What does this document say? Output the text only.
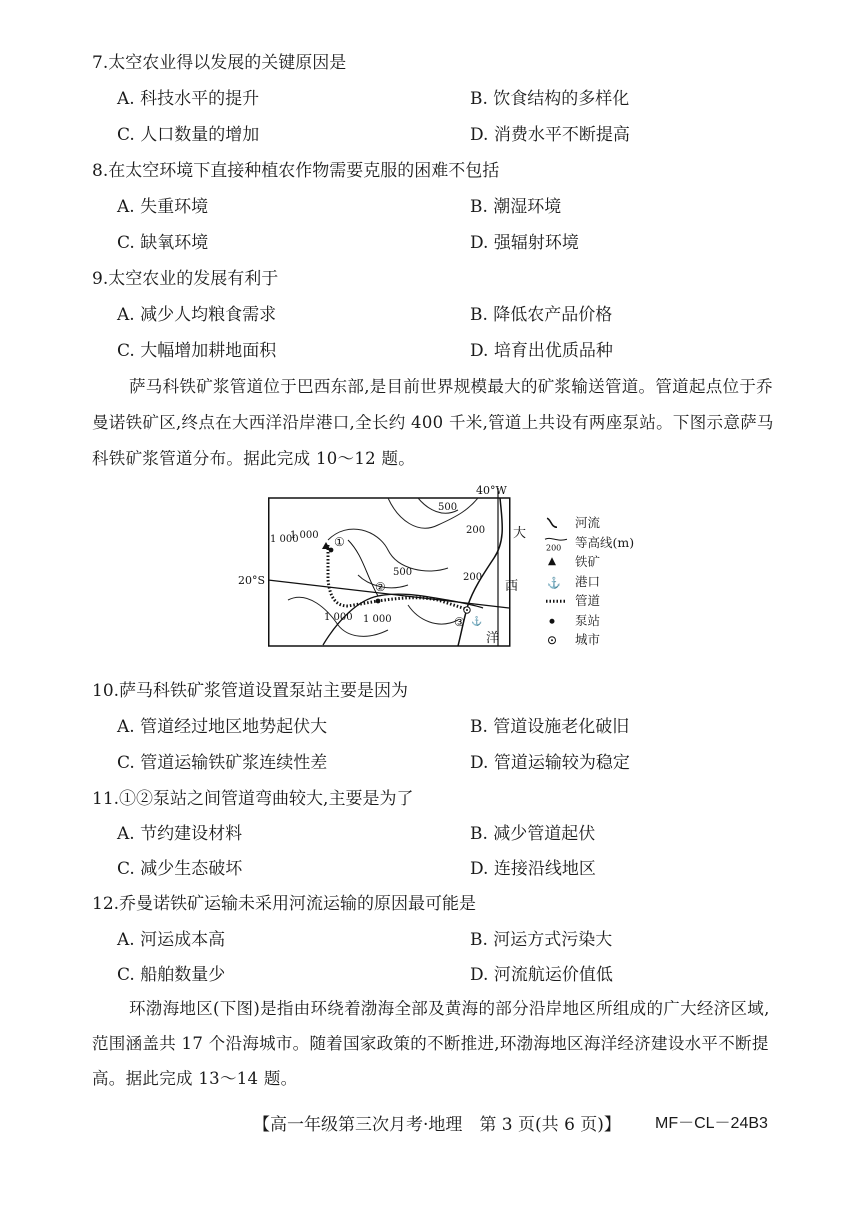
7.太空农业得以发展的关键原因是
A. 科技水平的提升	B. 饮食结构的多样化
C. 人口数量的增加	D. 消费水平不断提高
8.在太空环境下直接种植农作物需要克服的困难不包括
A. 失重环境	B. 潮湿环境
C. 缺氧环境	D. 强辐射环境
9.太空农业的发展有利于
A. 减少人均粮食需求	B. 降低农产品价格
C. 大幅增加耕地面积	D. 培育出优质品种
萨马科铁矿浆管道位于巴西东部,是目前世界规模最大的矿浆输送管道。管道起点位于乔
曼诺铁矿区,终点在大西洋沿岸港口,全长约 400 千米,管道上共设有两座泵站。下图示意萨马
科铁矿浆管道分布。据此完成 10～12 题。
⚓
40°W
20°S
大
西
洋
500
200
1 000
1 000
500	200
1 000
1 000	①
②
③
河流
200 等高线(m)
铁矿
⚓ 港口
管道
泵站
城市
10.萨马科铁矿浆管道设置泵站主要是因为
A. 管道经过地区地势起伏大	B. 管道设施老化破旧
C. 管道运输铁矿浆连续性差	D. 管道运输较为稳定
11.①②泵站之间管道弯曲较大,主要是为了
A. 节约建设材料	B. 减少管道起伏
C. 减少生态破坏	D. 连接沿线地区
12.乔曼诺铁矿运输未采用河流运输的原因最可能是
A. 河运成本高	B. 河运方式污染大
C. 船舶数量少	D. 河流航运价值低
环渤海地区(下图)是指由环绕着渤海全部及黄海的部分沿岸地区所组成的广大经济区域,
范围涵盖共 17 个沿海城市。随着国家政策的不断推进,环渤海地区海洋经济建设水平不断提
高。据此完成 13～14 题。
【高一年级第三次月考·地理　第 3 页(共 6 页)】 MF－CL－24B3
